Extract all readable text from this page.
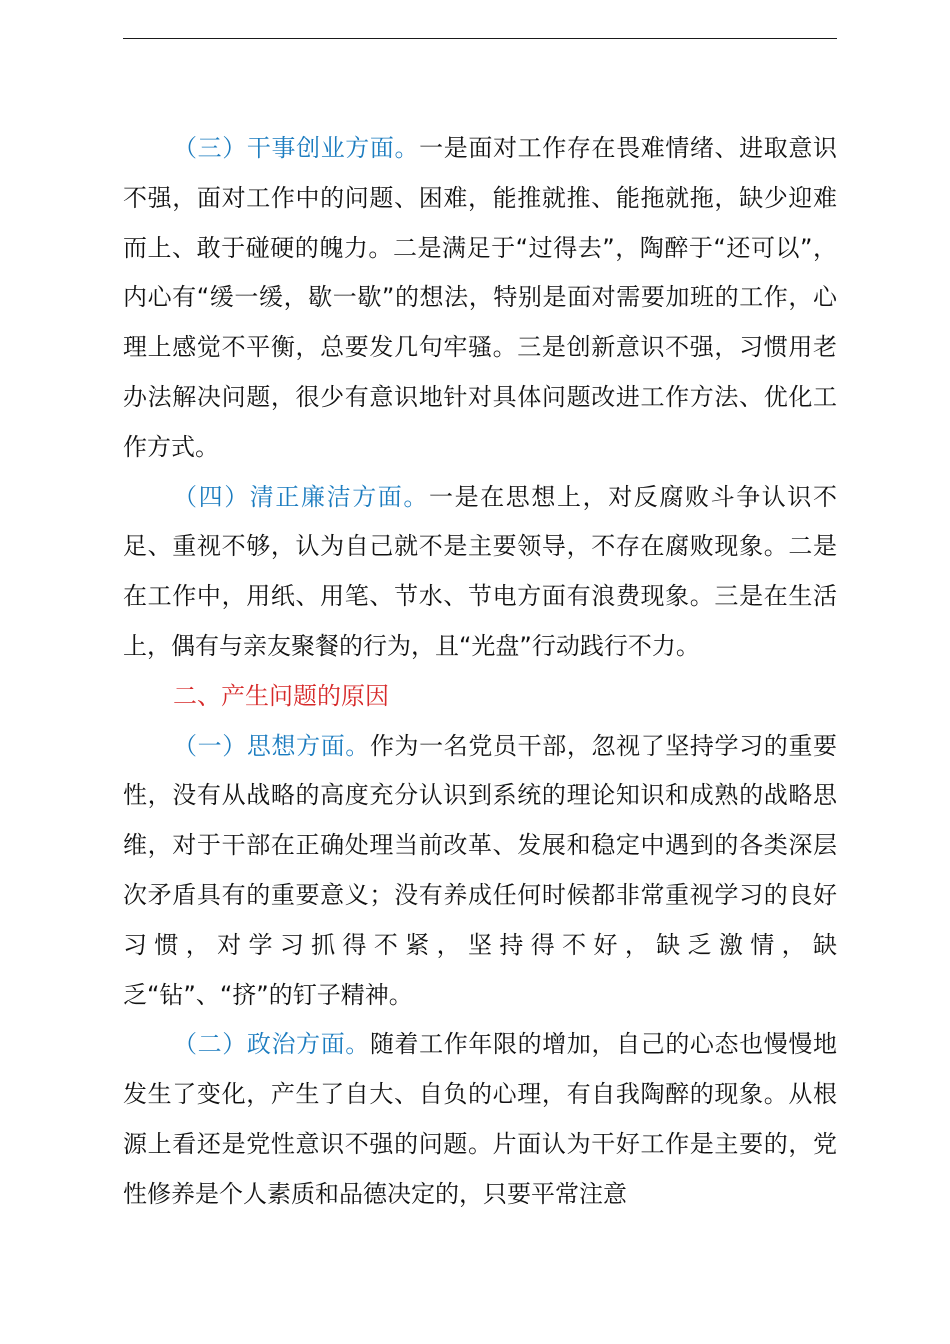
（三）干事创业方面。一是面对工作存在畏难情绪、进取意识不强，面对工作中的问题、困难，能推就推、能拖就拖，缺少迎难而上、敢于碰硬的魄力。二是满足于“过得去”，陶醉于“还可以”，内心有“缓一缓，歇一歇”的想法，特别是面对需要加班的工作，心理上感觉不平衡，总要发几句牢骚。三是创新意识不强，习惯用老办法解决问题，很少有意识地针对具体问题改进工作方法、优化工作方式。

（四）清正廉洁方面。一是在思想上，对反腐败斗争认识不足、重视不够，认为自己就不是主要领导，不存在腐败现象。二是在工作中，用纸、用笔、节水、节电方面有浪费现象。三是在生活上，偶有与亲友聚餐的行为，且“光盘”行动践行不力。

二、产生问题的原因

（一）思想方面。作为一名党员干部，忽视了坚持学习的重要性，没有从战略的高度充分认识到系统的理论知识和成熟的战略思维，对于干部在正确处理当前改革、发展和稳定中遇到的各类深层次矛盾具有的重要意义；没有养成任何时候都非常重视学习的良好习惯，对学习抓得不紧，坚持得不好，缺乏激情，缺乏“钻”、“挤”的钉子精神。

（二）政治方面。随着工作年限的增加，自己的心态也慢慢地发生了变化，产生了自大、自负的心理，有自我陶醉的现象。从根源上看还是党性意识不强的问题。片面认为干好工作是主要的，党性修养是个人素质和品德决定的，只要平常注意
